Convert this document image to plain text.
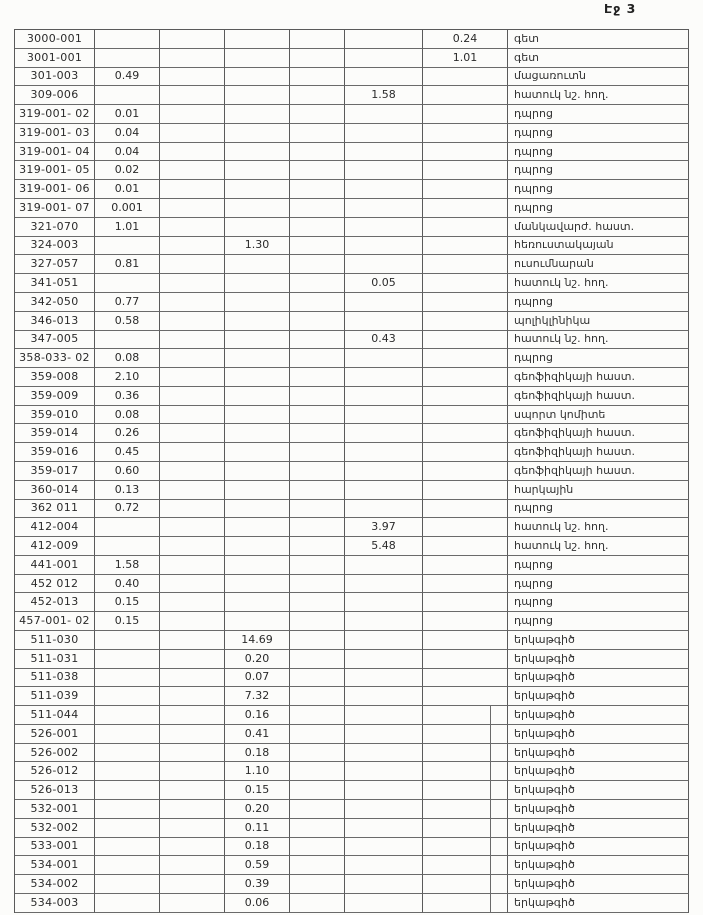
Էջ 3
3000-001	0.24	գետ
3001-001	1.01	գետ
301-003	0.49	մացառուտն
309-006	1.58	հատուկ նշ. հող.
319-001- 02	0.01	դպրոց
319-001- 03	0.04	դպրոց
319-001- 04	0.04	դպրոց
319-001- 05	0.02	դպրոց
319-001- 06	0.01	դպրոց
319-001- 07	0.001	դպրոց
321-070	1.01	մանկավարժ. հաստ.
324-003	1.30	հեռուստակայան
327-057	0.81	ուսումնարան
341-051	0.05	հատուկ նշ. հող.
342-050	0.77	դպրոց
346-013	0.58	պոլիկլինիկա
347-005	0.43	հատուկ նշ. հող.
358-033- 02	0.08	դպրոց
359-008	2.10	գեոֆիզիկայի հաստ.
359-009	0.36	գեոֆիզիկայի հաստ.
359-010	0.08	սպորտ կոմիտե
359-014	0.26	գեոֆիզիկայի հաստ.
359-016	0.45	գեոֆիզիկայի հաստ.
359-017	0.60	գեոֆիզիկայի հաստ.
360-014	0.13	հարկային
362 011	0.72	դպրոց
412-004	3.97	հատուկ նշ. հող.
412-009	5.48	հատուկ նշ. հող.
441-001	1.58	դպրոց
452 012	0.40	դպրոց
452-013	0.15	դպրոց
457-001- 02	0.15	դպրոց
511-030	14.69	երկաթգիծ
511-031	0.20	երկաթգիծ
511-038	0.07	երկաթգիծ
511-039	7.32	երկաթգիծ
511-044	0.16	երկաթգիծ
526-001	0.41	երկաթգիծ
526-002	0.18	երկաթգիծ
526-012	1.10	երկաթգիծ
526-013	0.15	երկաթգիծ
532-001	0.20	երկաթգիծ
532-002	0.11	երկաթգիծ
533-001	0.18	երկաթգիծ
534-001	0.59	երկաթգիծ
534-002	0.39	երկաթգիծ
534-003	0.06	երկաթգիծ
